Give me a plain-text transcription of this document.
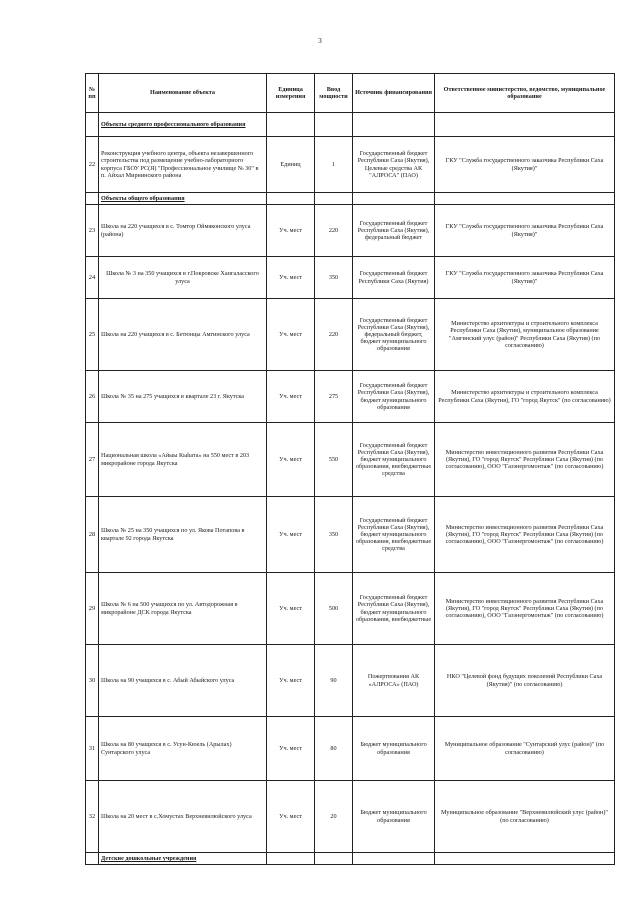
3
№ пп	Наименование объекта	Единица измерения	Ввод мощности	Источник финансирования	Ответственное министерство, ведомство, муниципальное образование
	Объекты среднего профессионального образования				
22	Реконструкция учебного центра, объекта незавершенного строительства под размещение учебно-лабораторного корпуса ГБОУ РС(Я) "Профессиональное училище № 30" в п. Айхал Мирнинского района	Единиц	1	Государственный бюджет Республики Саха (Якутия), Целевые средства АК "АЛРОСА" (ПАО)	ГКУ "Служба государственного заказчика Республики Саха (Якутия)"
	Объекты общего образования				
23	Школа на 220 учащихся в с. Томтор Оймяконского улуса (района)	Уч. мест	220	Государственный бюджет Республики Саха (Якутия), федеральный бюджет	ГКУ "Служба государственного заказчика Республики Саха (Якутия)"
24	Школа № 3 на 350 учащихся в г.Покровске Хангаласского улуса	Уч. мест	350	Государственный бюджет Республики Саха (Якутия)	ГКУ "Служба государственного заказчика Республики Саха (Якутия)"
25	Школа на 220 учащихся в с. Бетюнцы Амгинского улуса	Уч. мест	220	Государственный бюджет Республики Саха (Якутия), федеральный бюджет, бюджет муниципального образования	Министерство архитектуры и строительного комплекса Республики Саха (Якутия), муниципальное образование "Амгинский улус (район)" Республики Саха (Якутия) (по согласованию)
26	Школа № 35 на 275 учащихся в квартале 23 г. Якутска	Уч. мест	275	Государственный бюджет Республики Саха (Якутия), бюджет муниципального образования	Министерство архитектуры и строительного комплекса Республики Саха (Якутия), ГО "город Якутск" (по согласованию)
27	Национальная школа «Айыы Кыһата» на 550 мест в 203 микрорайоне города Якутска	Уч. мест	550	Государственный бюджет Республики Саха (Якутия), бюджет муниципального образования, внебюджетные средства	Министерство инвестиционного развития Республики Саха (Якутия), ГО "город Якутск" Республики Саха (Якутия) (по согласованию), ООО "Газэнергомонтаж" (по согласованию)
28	Школа № 25 на 350 учащихся по ул. Якова Потапова в квартале 92 города Якутска	Уч. мест	350	Государственный бюджет Республики Саха (Якутия), бюджет муниципального образования, внебюджетные средства	Министерство инвестиционного развития Республики Саха (Якутия), ГО "город Якутск" Республики Саха (Якутия) (по согласованию), ООО "Газэнергомонтаж" (по согласованию)
29	Школа № 6 на 500 учащихся по ул. Автодорожная в микрорайоне ДСК города Якутска	Уч. мест	500	Государственный бюджет Республики Саха (Якутия), бюджет муниципального образования, внебюджетные	Министерство инвестиционного развития Республики Саха (Якутия), ГО "город Якутск" Республики Саха (Якутия) (по согласованию), ООО "Газэнергомонтаж" (по согласованию)
30	Школа на 90 учащихся в с. Абый Абыйского улуса	Уч. мест	90	Пожертвования АК «АЛРОСА» (ПАО)	НКО "Целевой фонд будущих поколений Республики Саха (Якутия)" (по согласованию)
31	Школа на 80 учащихся в с. Усун-Кюель (Арылах) Сунтарского улуса	Уч. мест	80	Бюджет муниципального образования	Муниципальное образование "Сунтарский улус (район)" (по согласованию)
32	Школа на 20 мест в с.Хомустах Верхневилюйского улуса	Уч. мест	20	Бюджет муниципального образования	Муниципальное образование "Верхневилюйский улус (район)" (по согласованию)
	Детские дошкольные учреждения				
